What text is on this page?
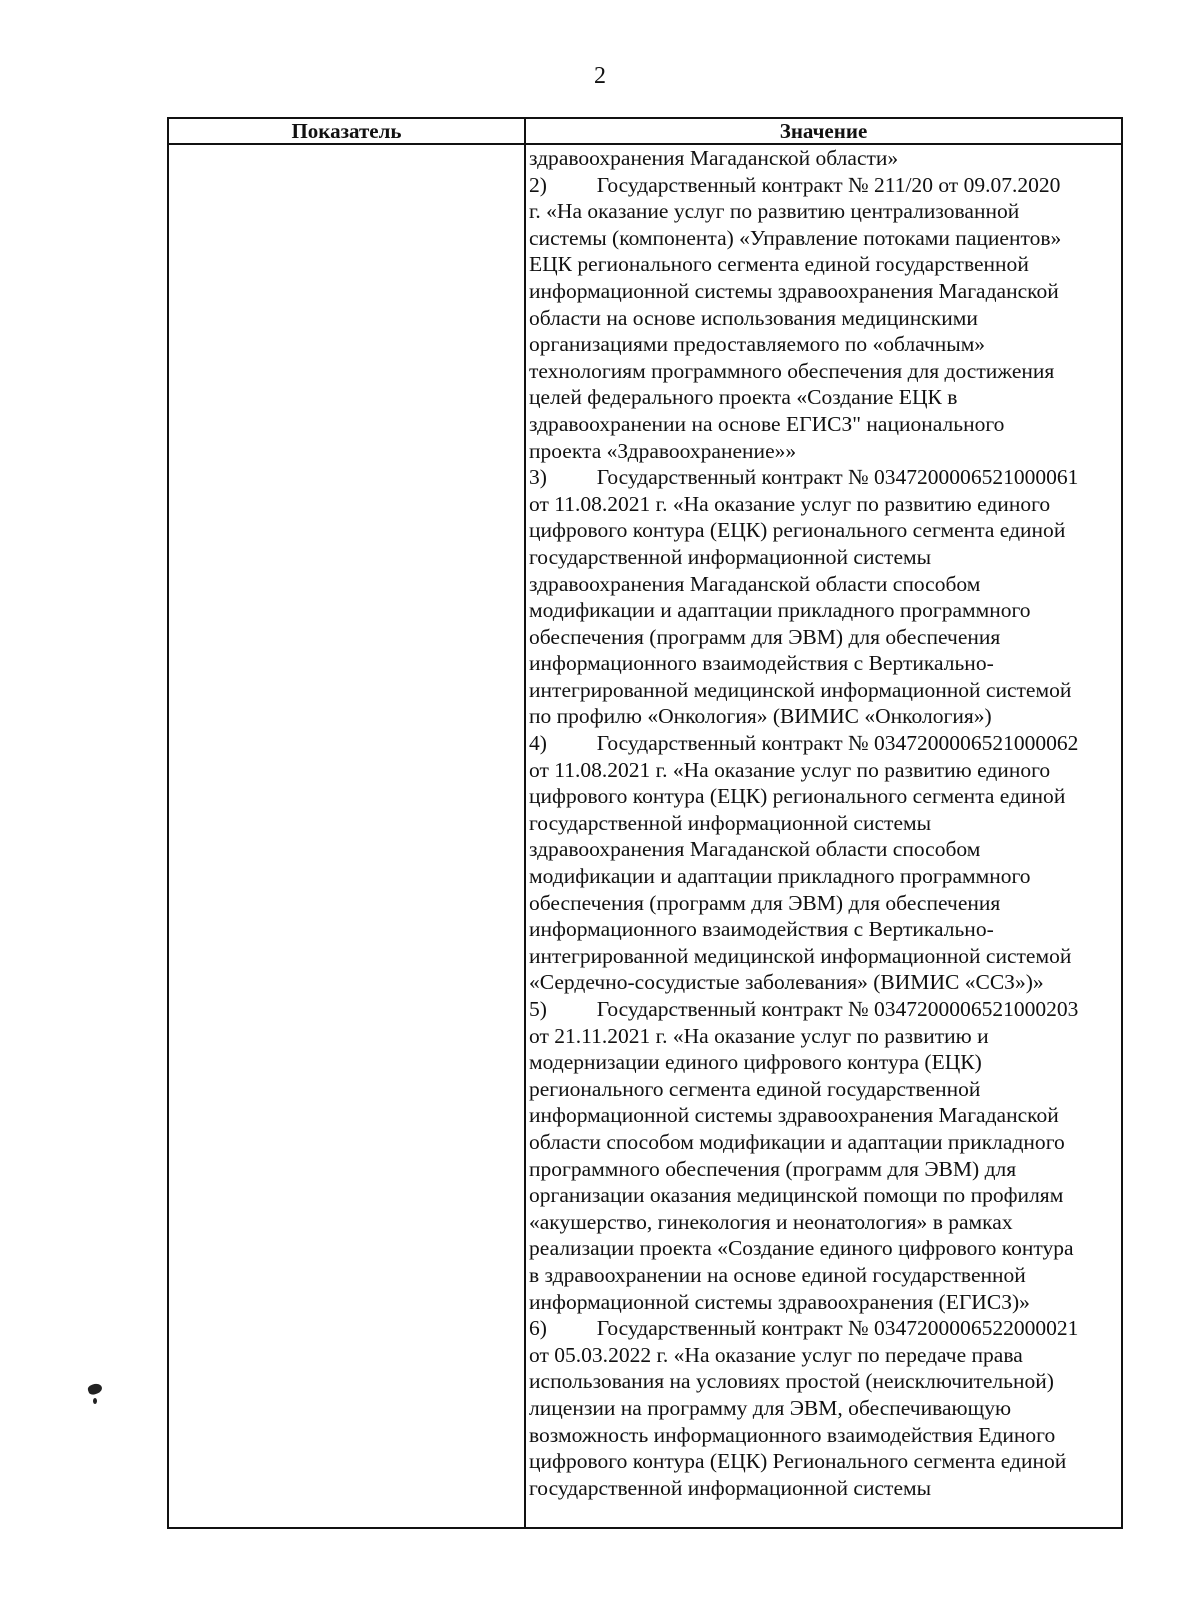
2
Показатель	Значение
здравоохранения Магаданской области»
2) Государственный контракт № 211/20 от 09.07.2020
г. «На оказание услуг по развитию централизованной
системы (компонента) «Управление потоками пациентов»
ЕЦК регионального сегмента единой государственной
информационной системы здравоохранения Магаданской
области на основе использования медицинскими
организациями предоставляемого по «облачным»
технологиям программного обеспечения для достижения
целей федерального проекта «Создание ЕЦК в
здравоохранении на основе ЕГИСЗ" национального
проекта «Здравоохранение»»
3) Государственный контракт № 0347200006521000061
от 11.08.2021 г. «На оказание услуг по развитию единого
цифрового контура (ЕЦК) регионального сегмента единой
государственной информационной системы
здравоохранения Магаданской области способом
модификации и адаптации прикладного программного
обеспечения (программ для ЭВМ) для обеспечения
информационного взаимодействия с Вертикально-
интегрированной медицинской информационной системой
по профилю «Онкология» (ВИМИС «Онкология»)
4) Государственный контракт № 0347200006521000062
от 11.08.2021 г. «На оказание услуг по развитию единого
цифрового контура (ЕЦК) регионального сегмента единой
государственной информационной системы
здравоохранения Магаданской области способом
модификации и адаптации прикладного программного
обеспечения (программ для ЭВМ) для обеспечения
информационного взаимодействия с Вертикально-
интегрированной медицинской информационной системой
«Сердечно-сосудистые заболевания» (ВИМИС «ССЗ»)»
5) Государственный контракт № 0347200006521000203
от 21.11.2021 г. «На оказание услуг по развитию и
модернизации единого цифрового контура (ЕЦК)
регионального сегмента единой государственной
информационной системы здравоохранения Магаданской
области способом модификации и адаптации прикладного
программного обеспечения (программ для ЭВМ) для
организации оказания медицинской помощи по профилям
«акушерство, гинекология и неонатология» в рамках
реализации проекта «Создание единого цифрового контура
в здравоохранении на основе единой государственной
информационной системы здравоохранения (ЕГИСЗ)»
6) Государственный контракт № 0347200006522000021
от 05.03.2022 г. «На оказание услуг по передаче права
использования на условиях простой (неисключительной)
лицензии на программу для ЭВМ, обеспечивающую
возможность информационного взаимодействия Единого
цифрового контура (ЕЦК) Регионального сегмента единой
государственной информационной системы
